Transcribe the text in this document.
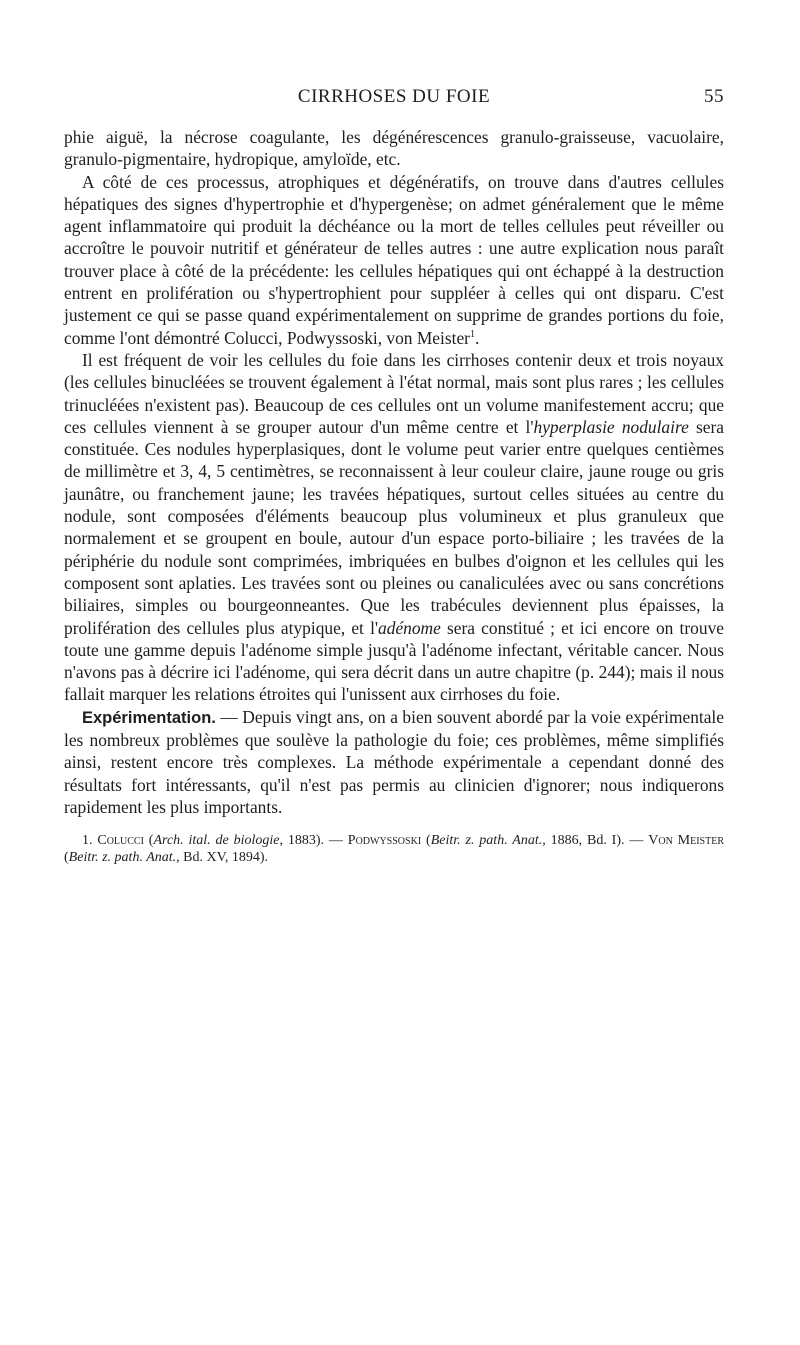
CIRRHOSES DU FOIE	55

phie aiguë, la nécrose coagulante, les dégénérescences granulo-graisseuse, vacuolaire, granulo-pigmentaire, hydropique, amyloïde, etc.

A côté de ces processus, atrophiques et dégénératifs, on trouve dans d'autres cellules hépatiques des signes d'hypertrophie et d'hypergenèse; on admet généralement que le même agent inflammatoire qui produit la déchéance ou la mort de telles cellules peut réveiller ou accroître le pouvoir nutritif et générateur de telles autres : une autre explication nous paraît trouver place à côté de la précédente: les cellules hépatiques qui ont échappé à la destruction entrent en prolifération ou s'hypertrophient pour suppléer à celles qui ont disparu. C'est justement ce qui se passe quand expérimentalement on supprime de grandes portions du foie, comme l'ont démontré Colucci, Podwyssoski, von Meister$^1$.

Il est fréquent de voir les cellules du foie dans les cirrhoses contenir deux et trois noyaux (les cellules binucléées se trouvent également à l'état normal, mais sont plus rares ; les cellules trinucléées n'existent pas). Beaucoup de ces cellules ont un volume manifestement accru; que ces cellules viennent à se grouper autour d'un même centre et l'hyperplasie nodulaire sera constituée. Ces nodules hyperplasiques, dont le volume peut varier entre quelques centièmes de millimètre et 3, 4, 5 centimètres, se reconnaissent à leur couleur claire, jaune rouge ou gris jaunâtre, ou franchement jaune; les travées hépatiques, surtout celles situées au centre du nodule, sont composées d'éléments beaucoup plus volumineux et plus granuleux que normalement et se groupent en boule, autour d'un espace porto-biliaire ; les travées de la périphérie du nodule sont comprimées, imbriquées en bulbes d'oignon et les cellules qui les composent sont aplaties. Les travées sont ou pleines ou canaliculées avec ou sans concrétions biliaires, simples ou bourgeonneantes. Que les trabécules deviennent plus épaisses, la prolifération des cellules plus atypique, et l'adénome sera constitué ; et ici encore on trouve toute une gamme depuis l'adénome simple jusqu'à l'adénome infectant, véritable cancer. Nous n'avons pas à décrire ici l'adénome, qui sera décrit dans un autre chapitre (p. 244); mais il nous fallait marquer les relations étroites qui l'unissent aux cirrhoses du foie.

Expérimentation. — Depuis vingt ans, on a bien souvent abordé par la voie expérimentale les nombreux problèmes que soulève la pathologie du foie; ces problèmes, même simplifiés ainsi, restent encore très complexes. La méthode expérimentale a cependant donné des résultats fort intéressants, qu'il n'est pas permis au clinicien d'ignorer; nous indiquerons rapidement les plus importants.

1. Colucci (Arch. ital. de biologie, 1883). — Podwyssoski (Beitr. z. path. Anat., 1886, Bd. I). — Von Meister (Beitr. z. path. Anat., Bd. XV, 1894).
